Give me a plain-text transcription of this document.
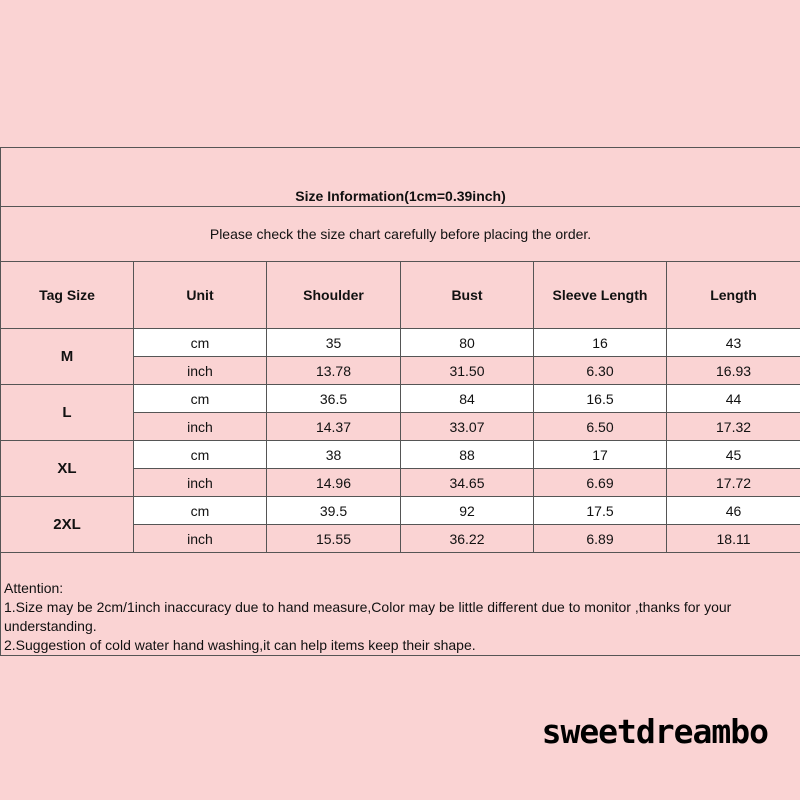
Size Information(1cm=0.39inch)					
Please check the size chart carefully before placing the order.					
Tag Size	Unit	Shoulder	Bust	Sleeve Length	Length
M	cm	35	80	16	43
	inch	13.78	31.50	6.30	16.93
L	cm	36.5	84	16.5	44
	inch	14.37	33.07	6.50	17.32
XL	cm	38	88	17	45
	inch	14.96	34.65	6.69	17.72
2XL	cm	39.5	92	17.5	46
	inch	15.55	36.22	6.89	18.11

Attention:
1.Size may be 2cm/1inch inaccuracy due to hand measure,Color may be little different due to monitor ,thanks for your understanding.
2.Suggestion of cold water hand washing,it can help items keep their shape.					
sweetdreambo
